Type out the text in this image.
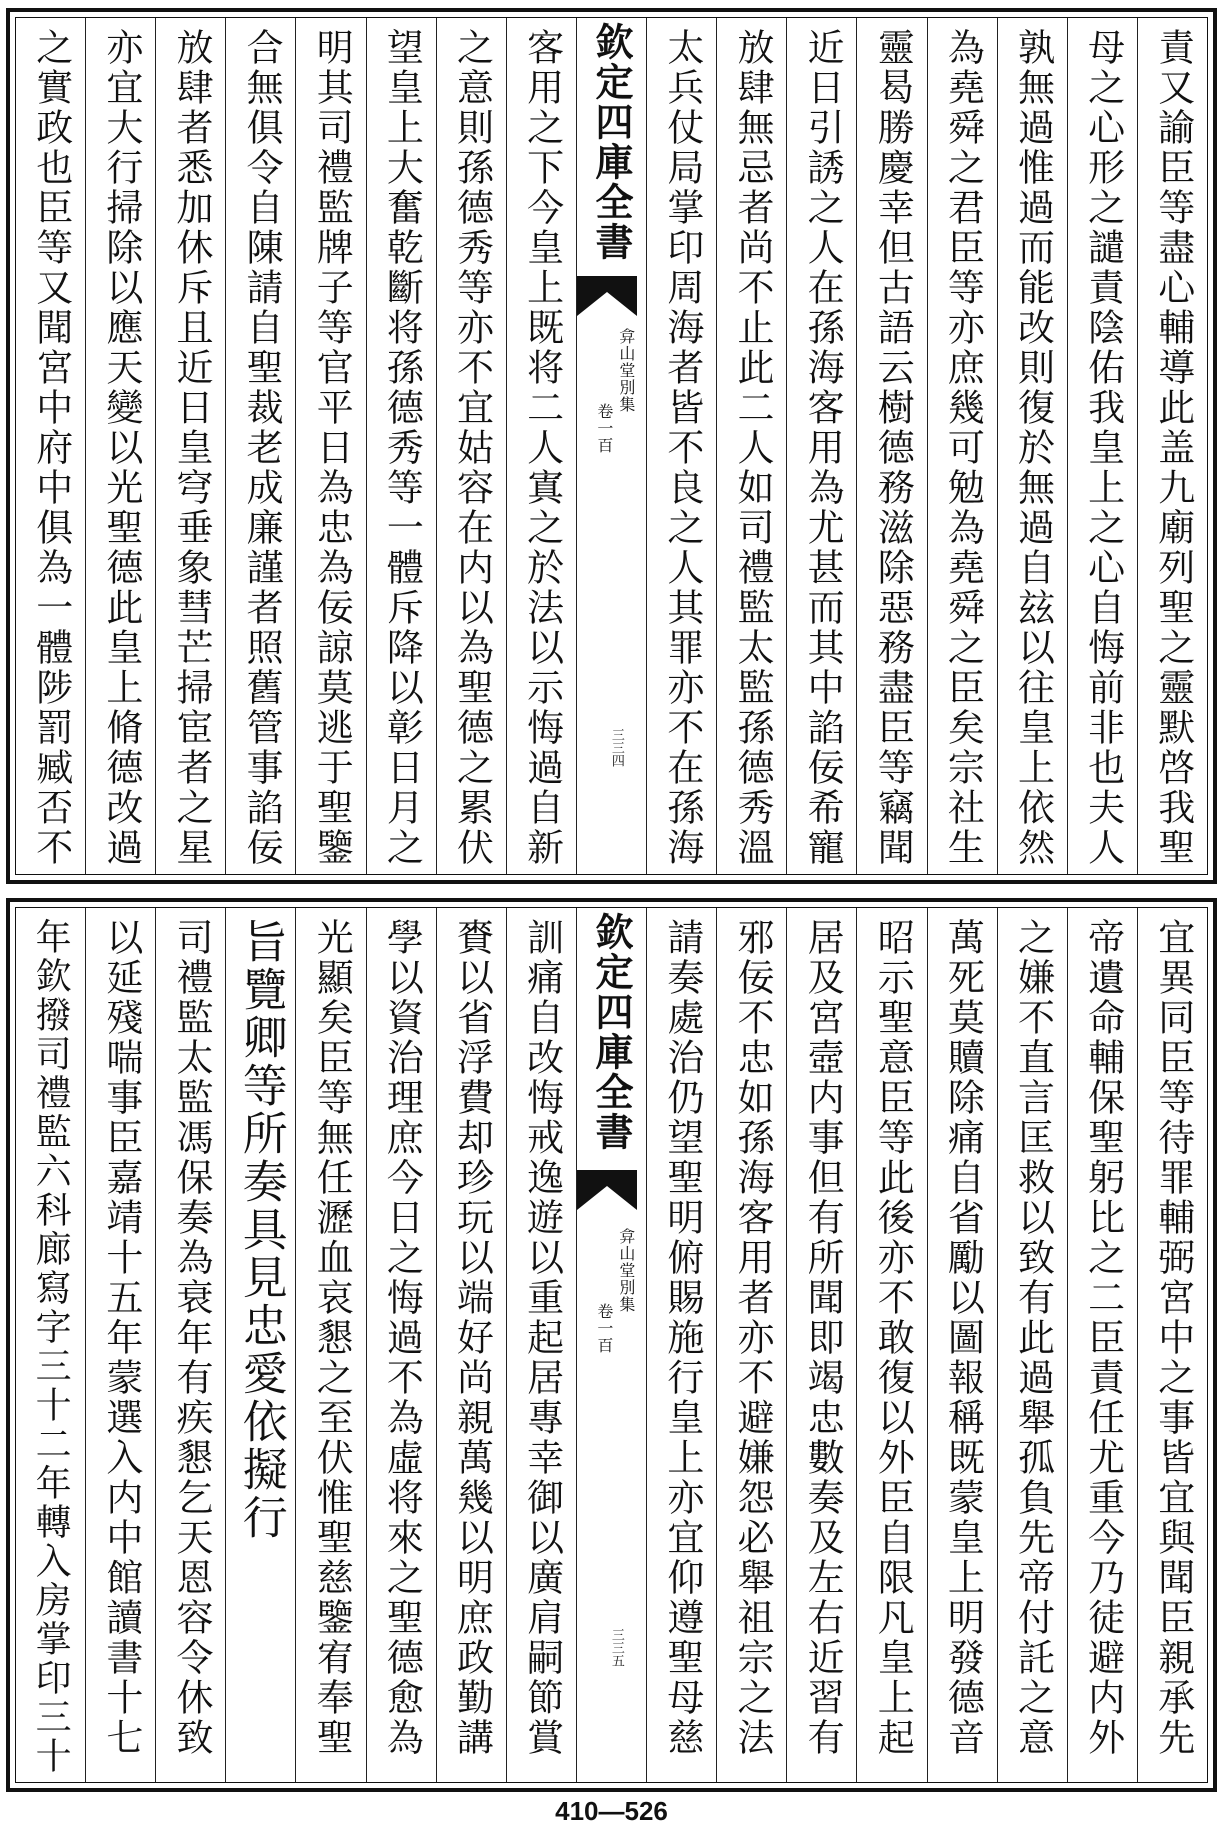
責又諭臣等盡心輔導此盖九廟列聖之靈默啓我聖
母之心形之譴責陰佑我皇上之心自悔前非也夫人
孰無過惟過而能改則復於無過自玆以往皇上依然
為堯舜之君臣等亦庶幾可勉為堯舜之臣矣宗社生
靈曷勝慶幸但古語云樹德務滋除惡務盡臣等竊聞
近日引誘之人在孫海客用為尤甚而其中諂佞希寵
放肆無忌者尚不止此二人如司禮監太監孫德秀溫
太兵仗局掌印周海者皆不良之人其罪亦不在孫海
欽定四庫全書
弇山堂別集
卷一百
三三四
客用之下今皇上既将二人寘之於法以示悔過自新
之意則孫德秀等亦不宜姑容在内以為聖德之累伏
望皇上大奮乾斷将孫德秀等一體斥降以彰日月之
明其司禮監牌子等官平日為忠為佞諒莫逃于聖鑒
合無俱令自陳請自聖裁老成廉謹者照舊管事諂佞
放肆者悉加休斥且近日皇穹垂象彗芒掃宦者之星
亦宜大行掃除以應天變以光聖德此皇上脩德改過
之實政也臣等又聞宮中府中俱為一體陟罰臧否不
宜異同臣等待罪輔弼宮中之事皆宜與聞臣親承先
帝遺命輔保聖躬比之二臣責任尤重今乃徒避内外
之嫌不直言匡救以致有此過舉孤負先帝付託之意
萬死莫贖除痛自省勵以圖報稱既蒙皇上明發德音
昭示聖意臣等此後亦不敢復以外臣自限凡皇上起
居及宮壼内事但有所聞即竭忠數奏及左右近習有
邪佞不忠如孫海客用者亦不避嫌怨必舉祖宗之法
請奏處治仍望聖明俯賜施行皇上亦宜仰遵聖母慈
欽定四庫全書
弇山堂別集
卷一百
三三五
訓痛自改悔戒逸遊以重起居專幸御以廣肩嗣節賞
賚以省浮費却珍玩以端好尚親萬幾以明庶政勤講
學以資治理庶今日之悔過不為虛将來之聖德愈為
光顯矣臣等無任瀝血哀懇之至伏惟聖慈鑒宥奉聖
旨覽卿等所奏具見忠愛依擬行
司禮監太監馮保奏為衰年有疾懇乞天恩容令休致
以延殘喘事臣嘉靖十五年蒙選入内中館讀書十七
年欽撥司禮監六科廊寫字三十二年轉入房掌印三十
410—526
